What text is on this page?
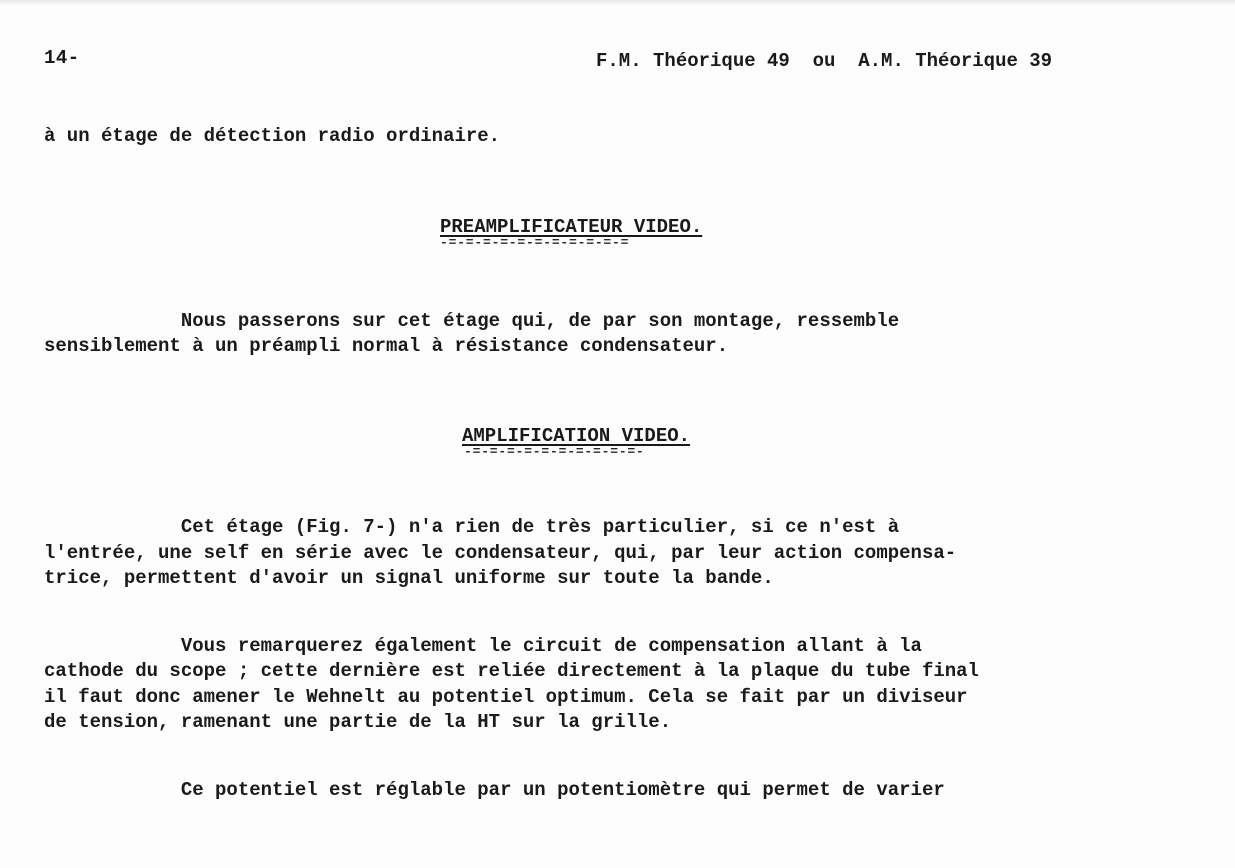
14-	F.M. Théorique 49  ou  A.M. Théorique 39
à un étage de détection radio ordinaire.
PREAMPLIFICATEUR VIDEO.
-=-=-=-=-=-=-=-=-=-=-=
Nous passerons sur cet étage qui, de par son montage, ressemble
sensiblement à un préampli normal à résistance condensateur.
AMPLIFICATION VIDEO.
-=-=-=-=-=-=-=-=-=-=-
Cet étage (Fig. 7-) n'a rien de très particulier, si ce n'est à
l'entrée, une self en série avec le condensateur, qui, par leur action compensa-
trice, permettent d'avoir un signal uniforme sur toute la bande.
Vous remarquerez également le circuit de compensation allant à la
cathode du scope ; cette dernière est reliée directement à la plaque du tube final
il faut donc amener le Wehnelt au potentiel optimum. Cela se fait par un diviseur
de tension, ramenant une partie de la HT sur la grille.
Ce potentiel est réglable par un potentiomètre qui permet de varier
